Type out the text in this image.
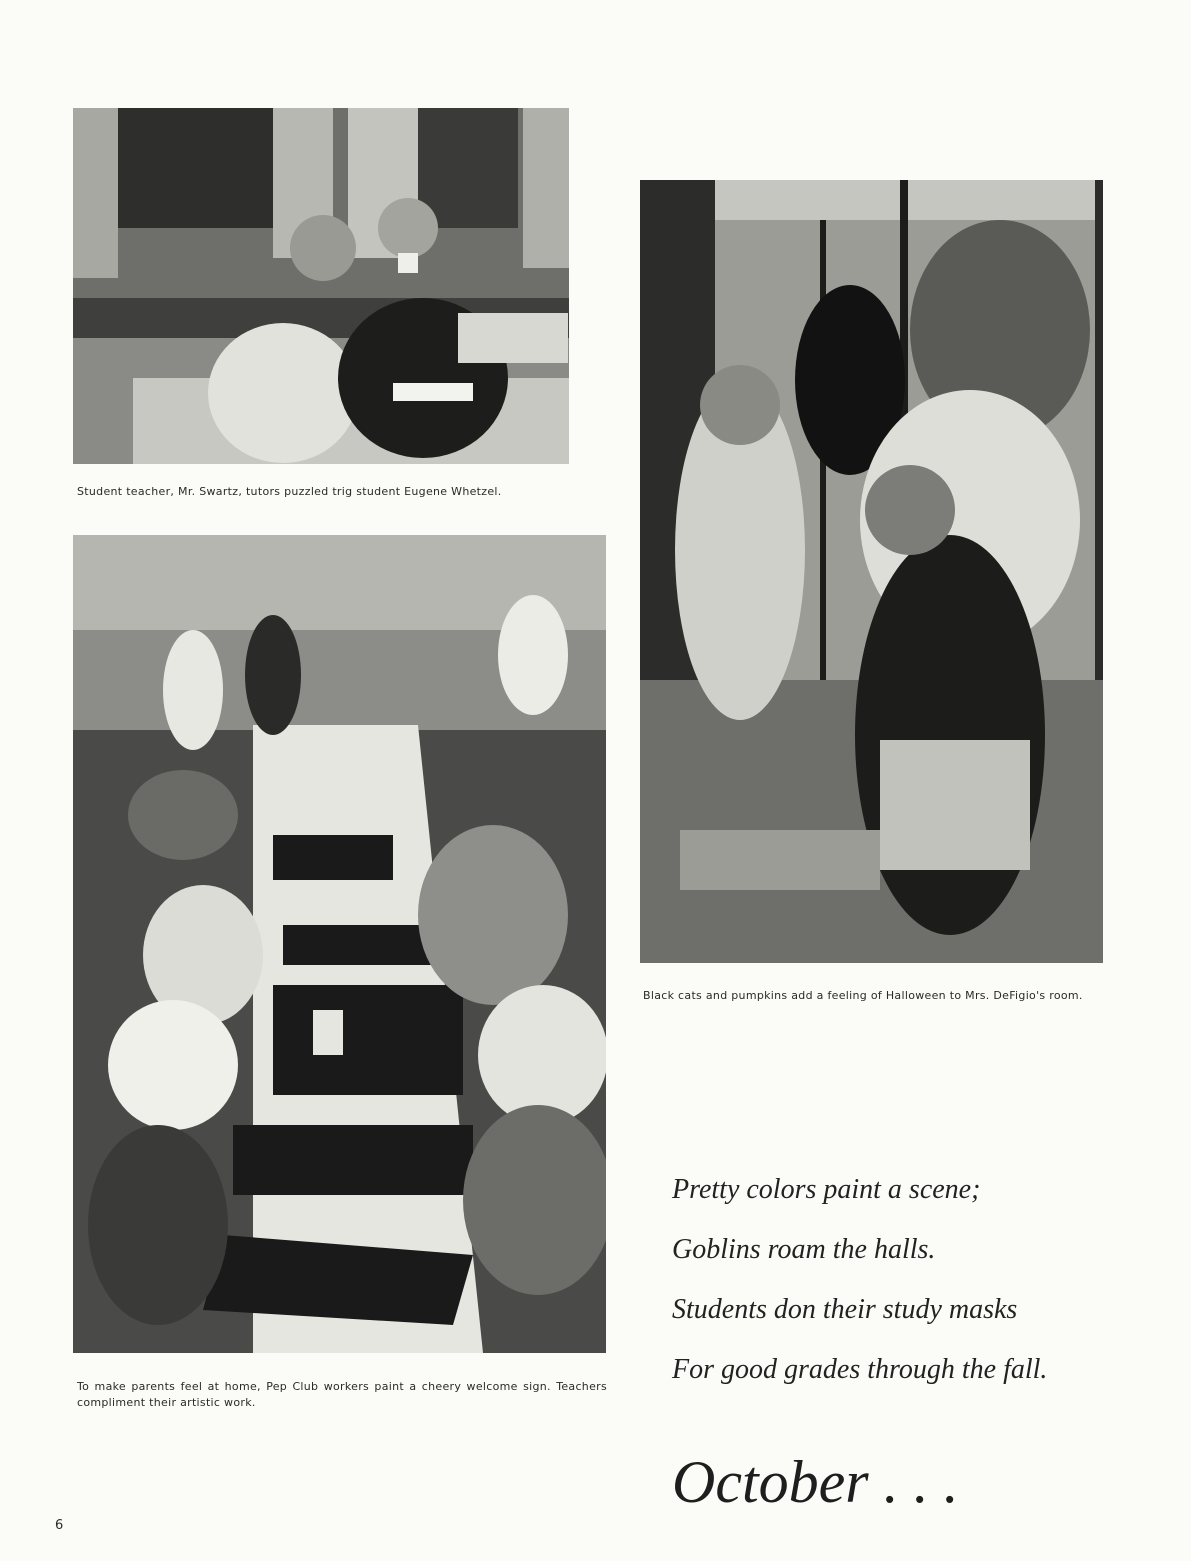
Student teacher, Mr. Swartz, tutors puzzled trig student Eugene Whetzel.
To make parents feel at home, Pep Club workers paint a cheery welcome sign. Teachers compliment their artistic work.
Black cats and pumpkins add a feeling of Halloween to Mrs. DeFigio's room.
Pretty colors paint a scene;
Goblins roam the halls.
Students don their study masks
For good grades through the fall.
October . . .
6
